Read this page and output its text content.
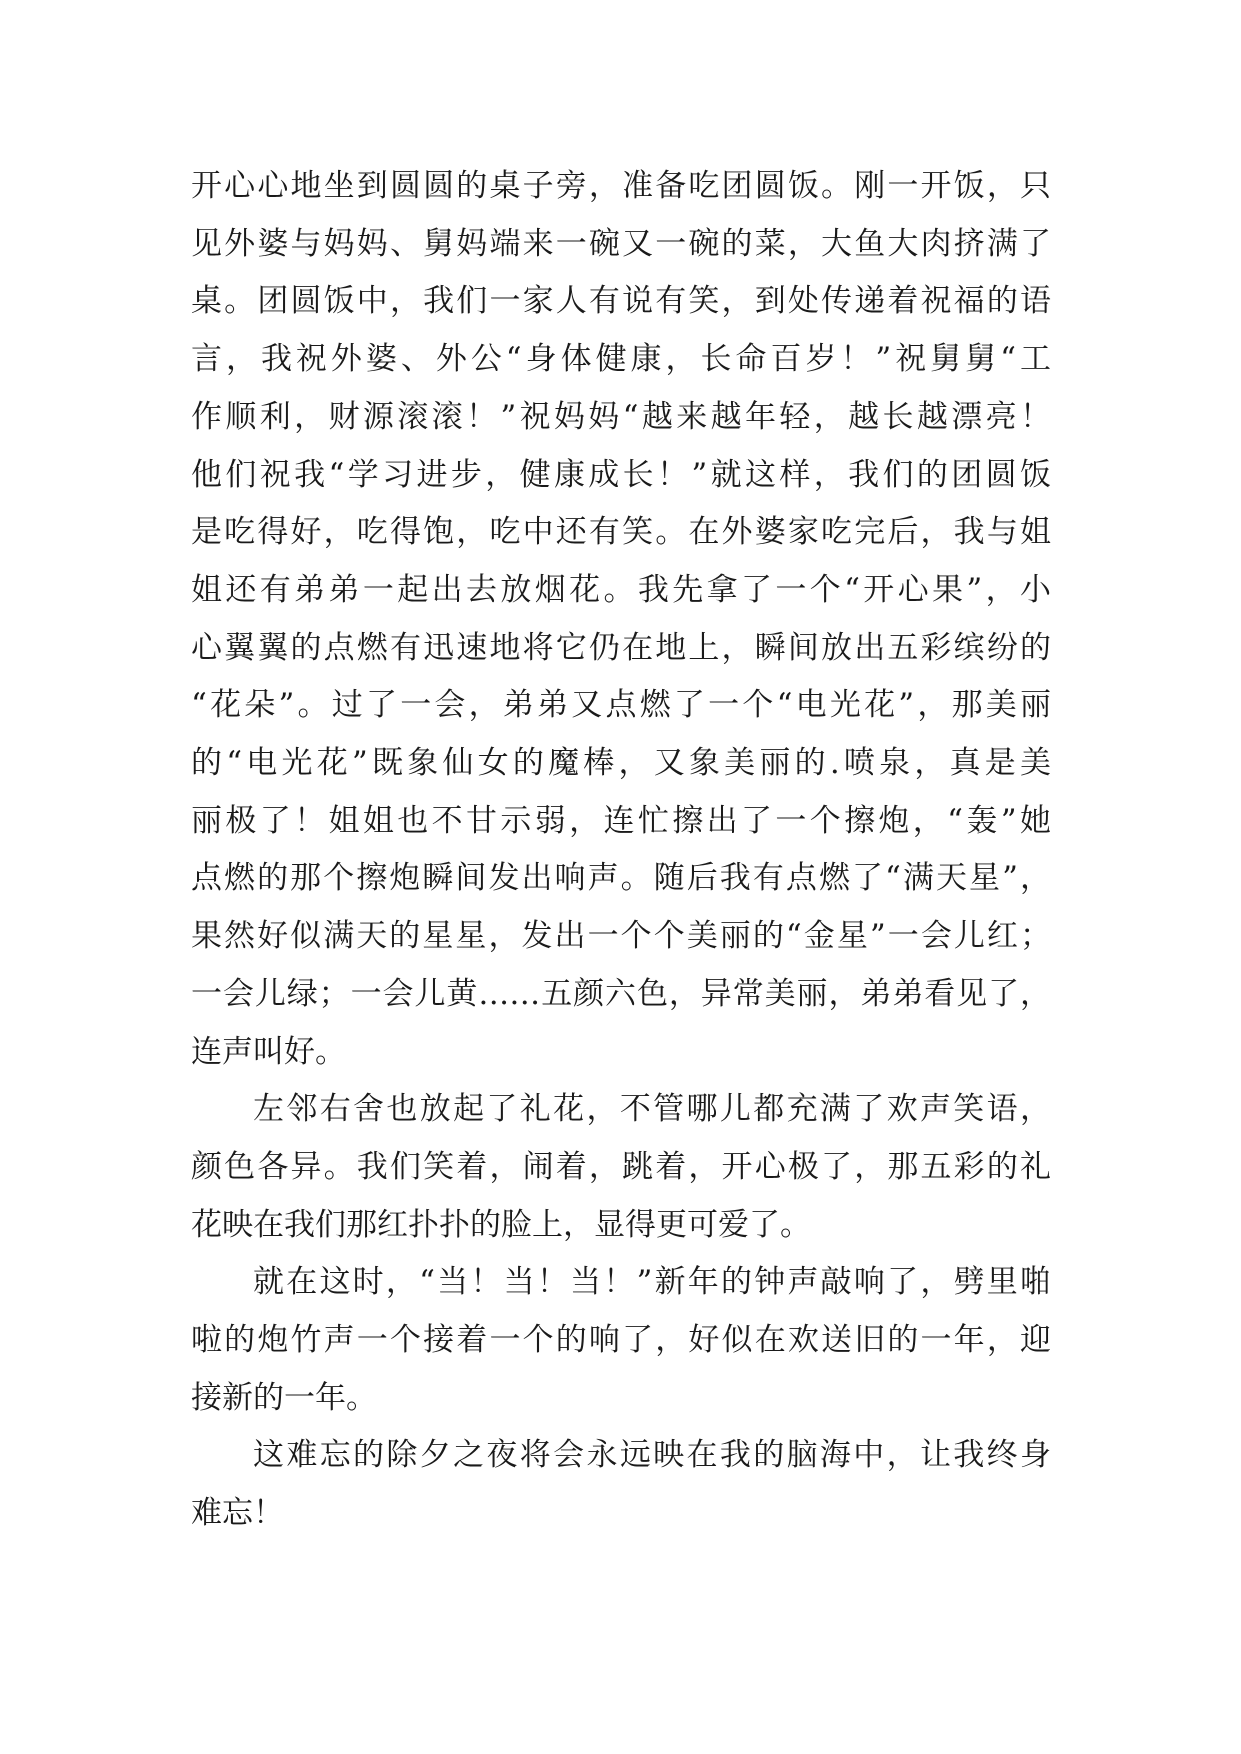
开心心地坐到圆圆的桌子旁，准备吃团圆饭。刚一开饭，只
见外婆与妈妈、舅妈端来一碗又一碗的菜，大鱼大肉挤满了
桌。团圆饭中，我们一家人有说有笑，到处传递着祝福的语
言，我祝外婆、外公“身体健康，长命百岁！”祝舅舅“工
作顺利，财源滚滚！”祝妈妈“越来越年轻，越长越漂亮！
他们祝我“学习进步，健康成长！”就这样，我们的团圆饭
是吃得好，吃得饱，吃中还有笑。在外婆家吃完后，我与姐
姐还有弟弟一起出去放烟花。我先拿了一个“开心果”，小
心翼翼的点燃有迅速地将它仍在地上，瞬间放出五彩缤纷的
“花朵”。过了一会，弟弟又点燃了一个“电光花”，那美丽
的“电光花”既象仙女的魔棒，又象美丽的.喷泉，真是美
丽极了！姐姐也不甘示弱，连忙擦出了一个擦炮，“轰”她
点燃的那个擦炮瞬间发出响声。随后我有点燃了“满天星”，
果然好似满天的星星，发出一个个美丽的“金星”一会儿红；
一会儿绿；一会儿黄……五颜六色，异常美丽，弟弟看见了，
连声叫好。

左邻右舍也放起了礼花，不管哪儿都充满了欢声笑语，
颜色各异。我们笑着，闹着，跳着，开心极了，那五彩的礼
花映在我们那红扑扑的脸上，显得更可爱了。

就在这时，“当！当！当！”新年的钟声敲响了，劈里啪
啦的炮竹声一个接着一个的响了，好似在欢送旧的一年，迎
接新的一年。

这难忘的除夕之夜将会永远映在我的脑海中，让我终身
难忘！
